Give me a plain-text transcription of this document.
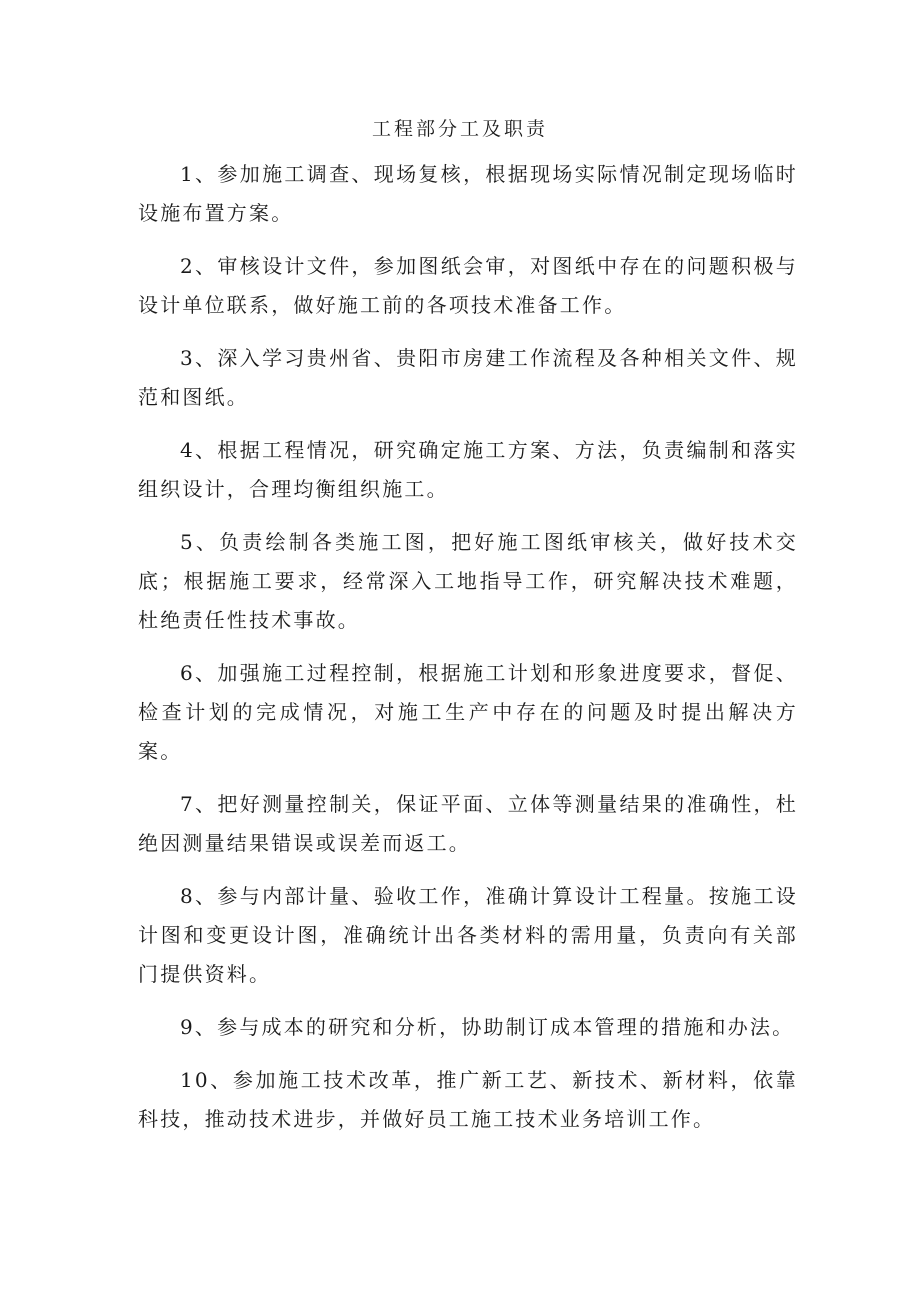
工程部分工及职责

1、参加施工调查、现场复核，根据现场实际情况制定现场临时设施布置方案。

2、审核设计文件，参加图纸会审，对图纸中存在的问题积极与设计单位联系，做好施工前的各项技术准备工作。

3、深入学习贵州省、贵阳市房建工作流程及各种相关文件、规范和图纸。

4、根据工程情况，研究确定施工方案、方法，负责编制和落实组织设计，合理均衡组织施工。

5、负责绘制各类施工图，把好施工图纸审核关，做好技术交底；根据施工要求，经常深入工地指导工作，研究解决技术难题，杜绝责任性技术事故。

6、加强施工过程控制，根据施工计划和形象进度要求，督促、检查计划的完成情况，对施工生产中存在的问题及时提出解决方案。

7、把好测量控制关，保证平面、立体等测量结果的准确性，杜绝因测量结果错误或误差而返工。

8、参与内部计量、验收工作，准确计算设计工程量。按施工设计图和变更设计图，准确统计出各类材料的需用量，负责向有关部门提供资料。

9、参与成本的研究和分析，协助制订成本管理的措施和办法。

10、参加施工技术改革，推广新工艺、新技术、新材料，依靠科技，推动技术进步，并做好员工施工技术业务培训工作。
